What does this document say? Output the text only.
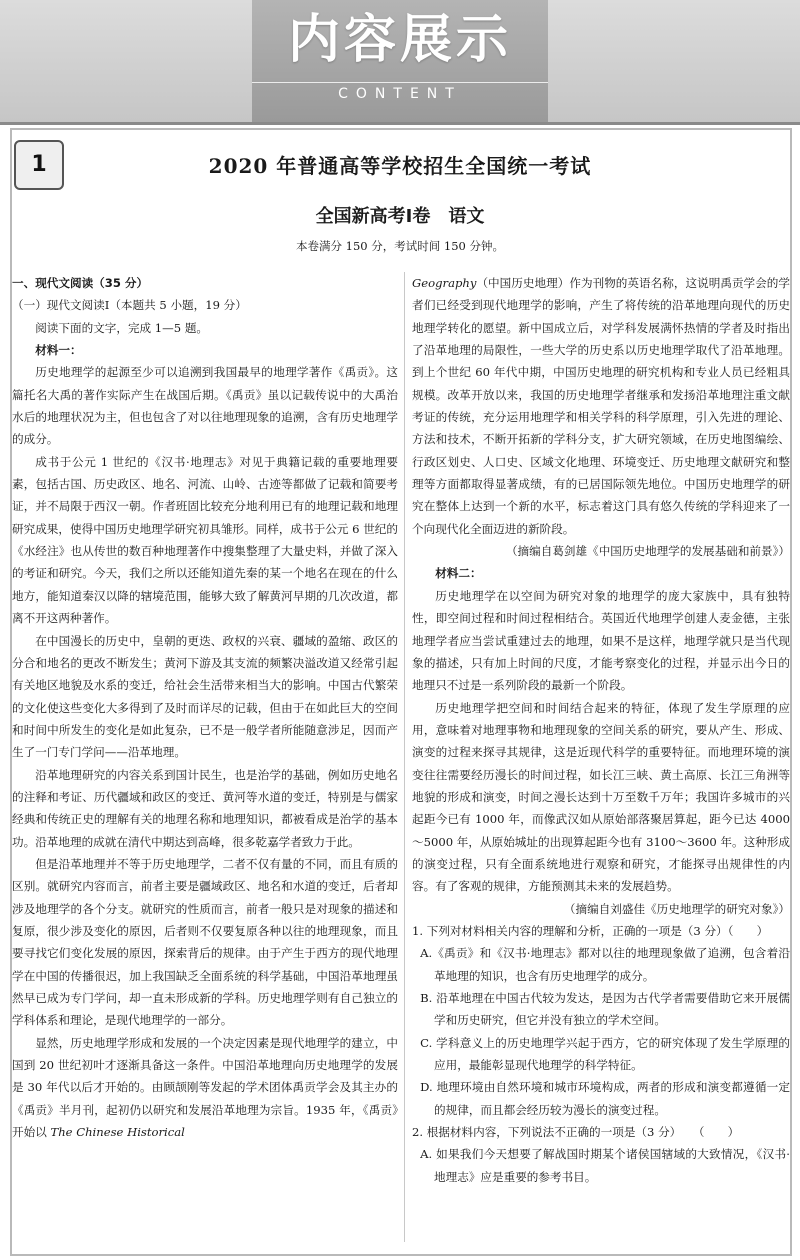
内容展示
CONTENT
1	2020 年普通高等学校招生全国统一考试
全国新高考Ⅰ卷　语文
本卷满分 150 分，考试时间 150 分钟。

一、现代文阅读（35 分）

（一）现代文阅读Ⅰ（本题共 5 小题，19 分）

阅读下面的文字，完成 1—5 题。

材料一：

历史地理学的起源至少可以追溯到我国最早的地理学著作《禹贡》。这篇托名大禹的著作实际产生在战国后期。《禹贡》虽以记载传说中的大禹治水后的地理状况为主，但也包含了对以往地理现象的追溯，含有历史地理学的成分。

成书于公元 1 世纪的《汉书·地理志》对见于典籍记载的重要地理要素，包括古国、历史政区、地名、河流、山岭、古迹等都做了记载和简要考证，并不局限于西汉一朝。作者班固比较充分地利用已有的地理记载和地理研究成果，使得中国历史地理学研究初具雏形。同样，成书于公元 6 世纪的《水经注》也从传世的数百种地理著作中搜集整理了大量史料，并做了深入的考证和研究。今天，我们之所以还能知道先秦的某一个地名在现在的什么地方，能知道秦汉以降的辖境范围，能够大致了解黄河早期的几次改道，都离不开这两种著作。

在中国漫长的历史中，皇朝的更迭、政权的兴衰、疆域的盈缩、政区的分合和地名的更改不断发生；黄河下游及其支流的频繁决溢改道又经常引起有关地区地貌及水系的变迁，给社会生活带来相当大的影响。中国古代繁荣的文化使这些变化大多得到了及时而详尽的记载，但由于在如此巨大的空间和时间中所发生的变化是如此复杂，已不是一般学者所能随意涉足，因而产生了一门专门学问——沿革地理。

沿革地理研究的内容关系到国计民生，也是治学的基础，例如历史地名的注释和考证、历代疆域和政区的变迁、黄河等水道的变迁，特别是与儒家经典和传统正史的理解有关的地理名称和地理知识，都被看成是治学的基本功。沿革地理的成就在清代中期达到高峰，很多乾嘉学者致力于此。

但是沿革地理并不等于历史地理学，二者不仅有量的不同，而且有质的区别。就研究内容而言，前者主要是疆域政区、地名和水道的变迁，后者却涉及地理学的各个分支。就研究的性质而言，前者一般只是对现象的描述和复原，很少涉及变化的原因，后者则不仅要复原各种以往的地理现象，而且要寻找它们变化发展的原因，探索背后的规律。由于产生于西方的现代地理学在中国的传播很迟，加上我国缺乏全面系统的科学基础，中国沿革地理虽然早已成为专门学问，却一直未形成新的学科。历史地理学则有自己独立的学科体系和理论，是现代地理学的一部分。

显然，历史地理学形成和发展的一个决定因素是现代地理学的建立，中国到 20 世纪初叶才逐渐具备这一条件。中国沿革地理向历史地理学的发展是 30 年代以后才开始的。由顾颉刚等发起的学术团体禹贡学会及其主办的《禹贡》半月刊，起初仍以研究和发展沿革地理为宗旨。1935 年，《禹贡》开始以 The Chinese Historical

Geography（中国历史地理）作为刊物的英语名称，这说明禹贡学会的学者们已经受到现代地理学的影响，产生了将传统的沿革地理向现代的历史地理学转化的愿望。新中国成立后，对学科发展满怀热情的学者及时指出了沿革地理的局限性，一些大学的历史系以历史地理学取代了沿革地理。到上个世纪 60 年代中期，中国历史地理的研究机构和专业人员已经粗具规模。改革开放以来，我国的历史地理学者继承和发扬沿革地理注重文献考证的传统，充分运用地理学和相关学科的科学原理，引入先进的理论、方法和技术，不断开拓新的学科分支，扩大研究领域，在历史地图编绘、行政区划史、人口史、区域文化地理、环境变迁、历史地理文献研究和整理等方面都取得显著成绩，有的已居国际领先地位。中国历史地理学的研究在整体上达到一个新的水平，标志着这门具有悠久传统的学科迎来了一个向现代化全面迈进的新阶段。

（摘编自葛剑雄《中国历史地理学的发展基础和前景》）

材料二：

历史地理学在以空间为研究对象的地理学的庞大家族中，具有独特性，即空间过程和时间过程相结合。英国近代地理学创建人麦金德，主张地理学者应当尝试重建过去的地理，如果不是这样，地理学就只是当代现象的描述，只有加上时间的尺度，才能考察变化的过程，并显示出今日的地理只不过是一系列阶段的最新一个阶段。

历史地理学把空间和时间结合起来的特征，体现了发生学原理的应用，意味着对地理事物和地理现象的空间关系的研究，要从产生、形成、演变的过程来探寻其规律，这是近现代科学的重要特征。而地理环境的演变往往需要经历漫长的时间过程，如长江三峡、黄土高原、长江三角洲等地貌的形成和演变，时间之漫长达到十万至数千万年；我国许多城市的兴起距今已有 1000 年，而像武汉如从原始部落聚居算起，距今已达 4000～5000 年，从原始城址的出现算起距今也有 3100～3600 年。这种形成的演变过程，只有全面系统地进行观察和研究，才能探寻出规律性的内容。有了客观的规律，方能预测其未来的发展趋势。

（摘编自刘盛佳《历史地理学的研究对象》）

1. 下列对材料相关内容的理解和分析，正确的一项是（3 分）（　　）

A.《禹贡》和《汉书·地理志》都对以往的地理现象做了追溯，包含着沿革地理的知识，也含有历史地理学的成分。

B. 沿革地理在中国古代较为发达，是因为古代学者需要借助它来开展儒学和历史研究，但它并没有独立的学术空间。

C. 学科意义上的历史地理学兴起于西方，它的研究体现了发生学原理的应用，最能彰显现代地理学的科学特征。

D. 地理环境由自然环境和城市环境构成，两者的形成和演变都遵循一定的规律，而且都会经历较为漫长的演变过程。

2. 根据材料内容，下列说法不正确的一项是（3 分）　　（　　）

A. 如果我们今天想要了解战国时期某个诸侯国辖域的大致情况，《汉书·地理志》应是重要的参考书目。
